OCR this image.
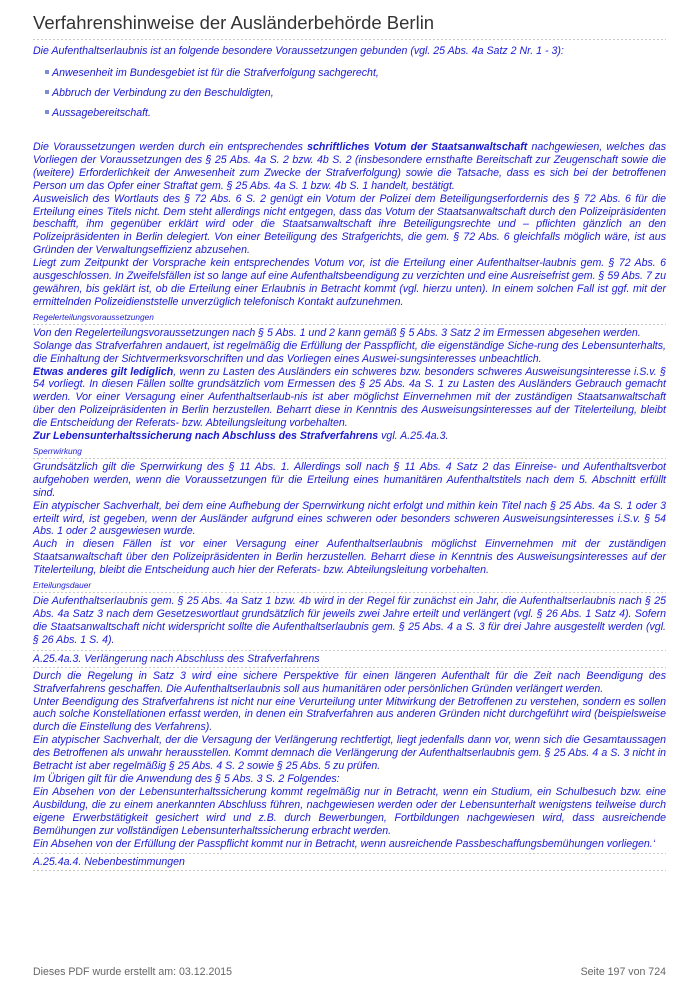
Verfahrenshinweise der Ausländerbehörde Berlin
Die Aufenthaltserlaubnis ist an folgende besondere Voraussetzungen gebunden (vgl. 25 Abs. 4a Satz 2 Nr. 1 - 3):
Anwesenheit im Bundesgebiet ist für die Strafverfolgung sachgerecht,
Abbruch der Verbindung zu den Beschuldigten,
Aussagebereitschaft.

Die Voraussetzungen werden durch ein entsprechendes schriftliches Votum der Staatsanwaltschaft nachgewiesen, welches das Vorliegen der Voraussetzungen des § 25 Abs. 4a S. 2 bzw. 4b S. 2 (insbesondere ernsthafte Bereitschaft zur Zeugenschaft sowie die (weitere) Erforderlichkeit der Anwesenheit zum Zwecke der Strafverfolgung) sowie die Tatsache, dass es sich bei der betroffenen Person um das Opfer einer Straftat gem. § 25 Abs. 4a S. 1 bzw. 4b S. 1 handelt, bestätigt.

Ausweislich des Wortlauts des § 72 Abs. 6 S. 2 genügt ein Votum der Polizei dem Beteiligungserfordernis des § 72 Abs. 6 für die Erteilung eines Titels nicht. Dem steht allerdings nicht entgegen, dass das Votum der Staatsanwaltschaft durch den Polizeipräsidenten beschafft, ihm gegenüber erklärt wird oder die Staatsanwaltschaft ihre Beteiligungsrechte und – pflichten gänzlich an den Polizeipräsidenten in Berlin delegiert. Von einer Beteiligung des Strafgerichts, die gem. § 72 Abs. 6 gleichfalls möglich wäre, ist aus Gründen der Verwaltungseffizienz abzusehen.

Liegt zum Zeitpunkt der Vorsprache kein entsprechendes Votum vor, ist die Erteilung einer Aufenthaltser-laubnis gem. § 72 Abs. 6 ausgeschlossen. In Zweifelsfällen ist so lange auf eine Aufenthaltsbeendigung zu verzichten und eine Ausreisefrist gem. § 59 Abs. 7 zu gewähren, bis geklärt ist, ob die Erteilung einer Erlaubnis in Betracht kommt (vgl. hierzu unten). In einem solchen Fall ist ggf. mit der ermittelnden Polizeidienststelle unverzüglich telefonisch Kontakt aufzunehmen.

Regelerteilungsvoraussetzungen

Von den Regelerteilungsvoraussetzungen nach § 5 Abs. 1 und 2 kann gemäß § 5 Abs. 3 Satz 2 im Ermessen abgesehen werden.

Solange das Strafverfahren andauert, ist regelmäßig die Erfüllung der Passpflicht, die eigenständige Siche-rung des Lebensunterhalts, die Einhaltung der Sichtvermerksvorschriften und das Vorliegen eines Auswei-sungsinteresses unbeachtlich.

Etwas anderes gilt lediglich, wenn zu Lasten des Ausländers ein schweres bzw. besonders schweres Ausweisungsinteresse i.S.v. § 54 vorliegt. In diesen Fällen sollte grundsätzlich vom Ermessen des § 25 Abs. 4a S. 1 zu Lasten des Ausländers Gebrauch gemacht werden. Vor einer Versagung einer Aufenthaltserlaub-nis ist aber möglichst Einvernehmen mit der zuständigen Staatsanwaltschaft über den Polizeipräsidenten in Berlin herzustellen. Beharrt diese in Kenntnis des Ausweisungsinteresses auf der Titelerteilung, bleibt die Entscheidung der Referats- bzw. Abteilungsleitung vorbehalten.

Zur Lebensunterhaltssicherung nach Abschluss des Strafverfahrens vgl. A.25.4a.3.

Sperrwirkung

Grundsätzlich gilt die Sperrwirkung des § 11 Abs. 1. Allerdings soll nach § 11 Abs. 4 Satz 2 das Einreise- und Aufenthaltsverbot aufgehoben werden, wenn die Voraussetzungen für die Erteilung eines humanitären Aufenthaltstitels nach dem 5. Abschnitt erfüllt sind.

Ein atypischer Sachverhalt, bei dem eine Aufhebung der Sperrwirkung nicht erfolgt und mithin kein Titel nach § 25 Abs. 4a S. 1 oder 3 erteilt wird, ist gegeben, wenn der Ausländer aufgrund eines schweren oder besonders schweren Ausweisungsinteresses i.S.v. § 54 Abs. 1 oder 2 ausgewiesen wurde.

Auch in diesen Fällen ist vor einer Versagung einer Aufenthaltserlaubnis möglichst Einvernehmen mit der zuständigen Staatsanwaltschaft über den Polizeipräsidenten in Berlin herzustellen. Beharrt diese in Kenntnis des Ausweisungsinteresses auf der Titelerteilung, bleibt die Entscheidung auch hier der Referats- bzw. Abteilungsleitung vorbehalten.

Erteilungsdauer

Die Aufenthaltserlaubnis gem. § 25 Abs. 4a Satz 1 bzw. 4b wird in der Regel für zunächst ein Jahr, die Aufenthaltserlaubnis nach § 25 Abs. 4a Satz 3 nach dem Gesetzeswortlaut grundsätzlich für jeweils zwei Jahre erteilt und verlängert (vgl. § 26 Abs. 1 Satz 4). Sofern die Staatsanwaltschaft nicht widerspricht sollte die Aufenthaltserlaubnis gem. § 25 Abs. 4 a S. 3 für drei Jahre ausgestellt werden (vgl. § 26 Abs. 1 S. 4).

A.25.4a.3. Verlängerung nach Abschluss des Strafverfahrens

Durch die Regelung in Satz 3 wird eine sichere Perspektive für einen längeren Aufenthalt für die Zeit nach Beendigung des Strafverfahrens geschaffen. Die Aufenthaltserlaubnis soll aus humanitären oder persönlichen Gründen verlängert werden.

Unter Beendigung des Strafverfahrens ist nicht nur eine Verurteilung unter Mitwirkung der Betroffenen zu verstehen, sondern es sollen auch solche Konstellationen erfasst werden, in denen ein Strafverfahren aus anderen Gründen nicht durchgeführt wird (beispielsweise durch die Einstellung des Verfahrens).

Ein atypischer Sachverhalt, der die Versagung der Verlängerung rechtfertigt, liegt jedenfalls dann vor, wenn sich die Gesamtaussagen des Betroffenen als unwahr herausstellen. Kommt demnach die Verlängerung der Aufenthaltserlaubnis gem. § 25 Abs. 4 a S. 3 nicht in Betracht ist aber regelmäßig § 25 Abs. 4 S. 2 sowie § 25 Abs. 5 zu prüfen.

Im Übrigen gilt für die Anwendung des § 5 Abs. 3 S. 2 Folgendes:

Ein Absehen von der Lebensunterhaltssicherung kommt regelmäßig nur in Betracht, wenn ein Studium, ein Schulbesuch bzw. eine Ausbildung, die zu einem anerkannten Abschluss führen, nachgewiesen werden oder der Lebensunterhalt wenigstens teilweise durch eigene Erwerbstätigkeit gesichert wird und z.B. durch Bewerbungen, Fortbildungen nachgewiesen wird, dass ausreichende Bemühungen zur vollständigen Lebensunterhaltssicherung erbracht werden.

Ein Absehen von der Erfüllung der Passpflicht kommt nur in Betracht, wenn ausreichende Passbeschaffungsbemühungen vorliegen.‘

A.25.4a.4. Nebenbestimmungen
Dieses PDF wurde erstellt am: 03.12.2015	Seite 197 von 724
